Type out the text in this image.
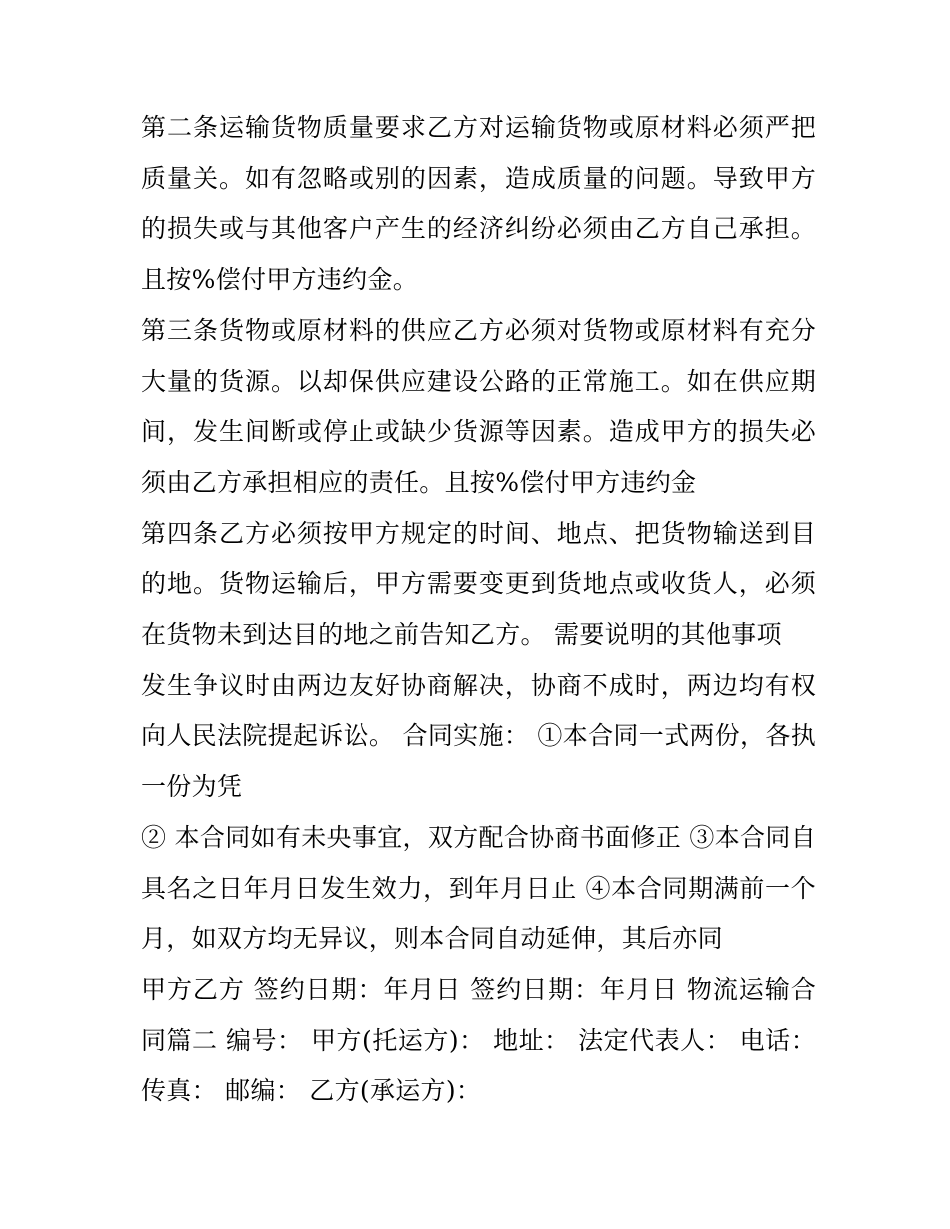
第二条运输货物质量要求乙方对运输货物或原材料必须严把质量关。如有忽略或别的因素，造成质量的问题。导致甲方的损失或与其他客户产生的经济纠纷必须由乙方自己承担。且按%偿付甲方违约金。

第三条货物或原材料的供应乙方必须对货物或原材料有充分大量的货源。以却保供应建设公路的正常施工。如在供应期间，发生间断或停止或缺少货源等因素。造成甲方的损失必须由乙方承担相应的责任。且按%偿付甲方违约金

第四条乙方必须按甲方规定的时间、地点、把货物输送到目的地。货物运输后，甲方需要变更到货地点或收货人，必须在货物未到达目的地之前告知乙方。 需要说明的其他事项

发生争议时由两边友好协商解决，协商不成时，两边均有权向人民法院提起诉讼。 合同实施： ①本合同一式两份，各执一份为凭

② 本合同如有未央事宜，双方配合协商书面修正 ③本合同自具名之日年月日发生效力，到年月日止 ④本合同期满前一个月，如双方均无异议，则本合同自动延伸，其后亦同

甲方乙方 签约日期：年月日 签约日期：年月日 物流运输合同篇二 编号： 甲方(托运方)： 地址： 法定代表人： 电话： 传真： 邮编： 乙方(承运方)：
